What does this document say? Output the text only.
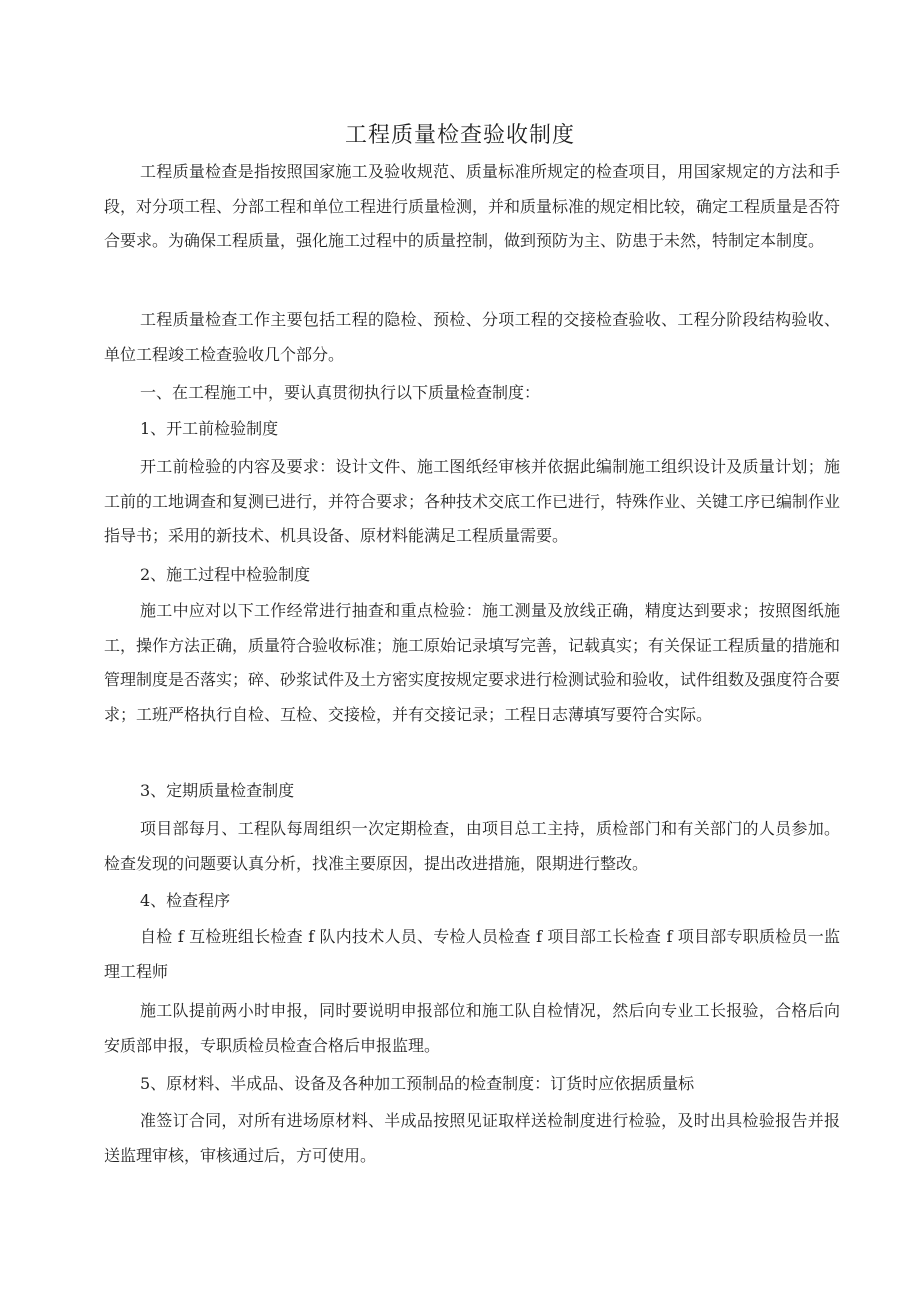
工程质量检查验收制度

工程质量检查是指按照国家施工及验收规范、质量标准所规定的检查项目，用国家规定的方法和手段，对分项工程、分部工程和单位工程进行质量检测，并和质量标准的规定相比较，确定工程质量是否符合要求。为确保工程质量，强化施工过程中的质量控制，做到预防为主、防患于未然，特制定本制度。

工程质量检查工作主要包括工程的隐检、预检、分项工程的交接检查验收、工程分阶段结构验收、单位工程竣工检查验收几个部分。

一、在工程施工中，要认真贯彻执行以下质量检查制度：

1、开工前检验制度

开工前检验的内容及要求：设计文件、施工图纸经审核并依据此编制施工组织设计及质量计划；施工前的工地调查和复测已进行，并符合要求；各种技术交底工作已进行，特殊作业、关键工序已编制作业指导书；采用的新技术、机具设备、原材料能满足工程质量需要。

2、施工过程中检验制度

施工中应对以下工作经常进行抽查和重点检验：施工测量及放线正确，精度达到要求；按照图纸施工，操作方法正确，质量符合验收标准；施工原始记录填写完善，记载真实；有关保证工程质量的措施和管理制度是否落实；碎、砂浆试件及土方密实度按规定要求进行检测试验和验收，试件组数及强度符合要求；工班严格执行自检、互检、交接检，并有交接记录；工程日志薄填写要符合实际。

3、定期质量检查制度

项目部每月、工程队每周组织一次定期检查，由项目总工主持，质检部门和有关部门的人员参加。检查发现的问题要认真分析，找准主要原因，提出改进措施，限期进行整改。

4、检查程序

自检 f 互检班组长检查 f 队内技术人员、专检人员检查 f 项目部工长检查 f 项目部专职质检员一监理工程师

施工队提前两小时申报，同时要说明申报部位和施工队自检情况，然后向专业工长报验，合格后向安质部申报，专职质检员检查合格后申报监理。

5、原材料、半成品、设备及各种加工预制品的检查制度：订货时应依据质量标

准签订合同，对所有进场原材料、半成品按照见证取样送检制度进行检验，及时出具检验报告并报送监理审核，审核通过后，方可使用。
